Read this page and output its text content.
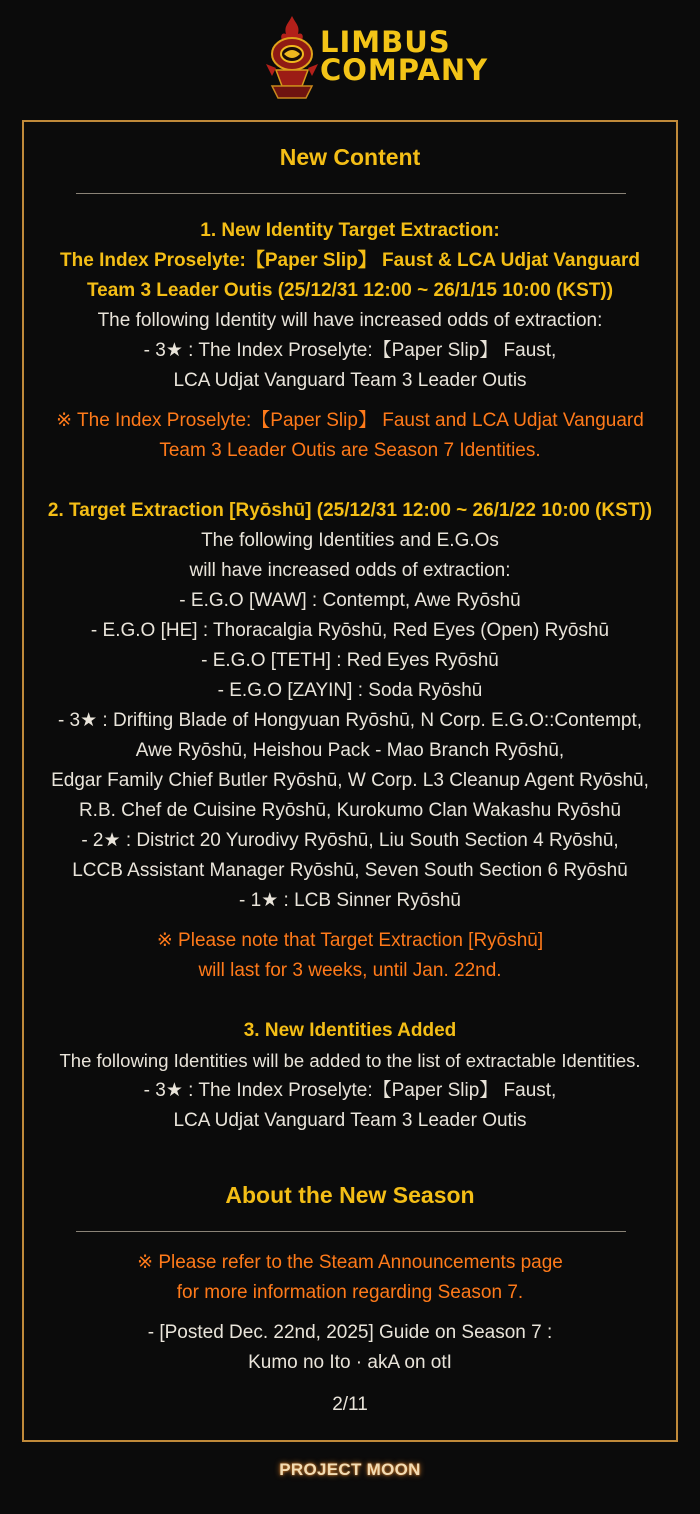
LIMBUS
COMPANY
New Content
1. New Identity Target Extraction:
The Index Proselyte:【Paper Slip】 Faust & LCA Udjat Vanguard
Team 3 Leader Outis (25/12/31 12:00 ~ 26/1/15 10:00 (KST))
The following Identity will have increased odds of extraction:
- 3★ : The Index Proselyte:【Paper Slip】 Faust,
LCA Udjat Vanguard Team 3 Leader Outis
※ The Index Proselyte:【Paper Slip】 Faust and LCA Udjat Vanguard
Team 3 Leader Outis are Season 7 Identities.
2. Target Extraction [Ryōshū] (25/12/31 12:00 ~ 26/1/22 10:00 (KST))
The following Identities and E.G.Os
will have increased odds of extraction:
- E.G.O [WAW] : Contempt, Awe Ryōshū
- E.G.O [HE] : Thoracalgia Ryōshū, Red Eyes (Open) Ryōshū
- E.G.O [TETH] : Red Eyes Ryōshū
- E.G.O [ZAYIN] : Soda Ryōshū
- 3★ : Drifting Blade of Hongyuan Ryōshū, N Corp. E.G.O::Contempt,
Awe Ryōshū, Heishou Pack - Mao Branch Ryōshū,
Edgar Family Chief Butler Ryōshū, W Corp. L3 Cleanup Agent Ryōshū,
R.B. Chef de Cuisine Ryōshū, Kurokumo Clan Wakashu Ryōshū
- 2★ : District 20 Yurodivy Ryōshū, Liu South Section 4 Ryōshū,
LCCB Assistant Manager Ryōshū, Seven South Section 6 Ryōshū
- 1★ : LCB Sinner Ryōshū
※ Please note that Target Extraction [Ryōshū]
will last for 3 weeks, until Jan. 22nd.
3. New Identities Added
The following Identities will be added to the list of extractable Identities.
- 3★ : The Index Proselyte:【Paper Slip】 Faust,
LCA Udjat Vanguard Team 3 Leader Outis
About the New Season
※ Please refer to the Steam Announcements page
for more information regarding Season 7.
- [Posted Dec. 22nd, 2025] Guide on Season 7 :
Kumo no Ito · akA on otI
2/11
PROJECT MOON
